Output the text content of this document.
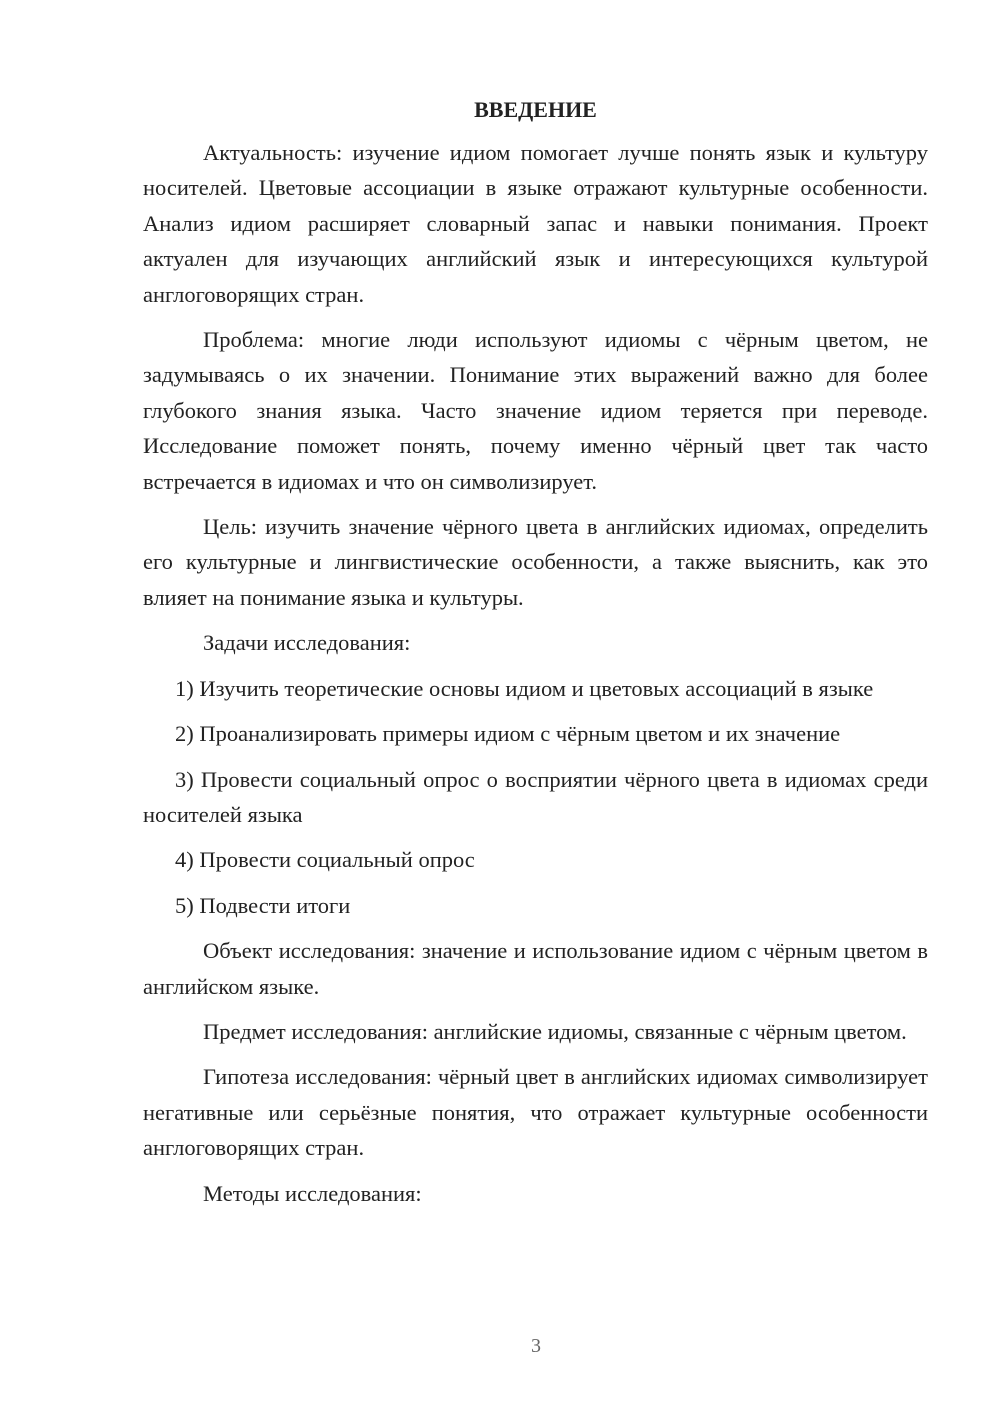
ВВЕДЕНИЕ

Актуальность: изучение идиом помогает лучше понять язык и культуру носителей. Цветовые ассоциации в языке отражают культурные особенности. Анализ идиом расширяет словарный запас и навыки понимания. Проект актуален для изучающих английский язык и интересующихся культурой англоговорящих стран.

Проблема: многие люди используют идиомы с чёрным цветом, не задумываясь о их значении. Понимание этих выражений важно для более глубокого знания языка. Часто значение идиом теряется при переводе. Исследование поможет понять, почему именно чёрный цвет так часто встречается в идиомах и что он символизирует.

Цель: изучить значение чёрного цвета в английских идиомах, определить его культурные и лингвистические особенности, а также выяснить, как это влияет на понимание языка и культуры.

Задачи исследования:

1) Изучить теоретические основы идиом и цветовых ассоциаций в языке

2) Проанализировать примеры идиом с чёрным цветом и их значение

3) Провести социальный опрос о восприятии чёрного цвета в идиомах среди носителей языка

4) Провести социальный опрос

5) Подвести итоги

Объект исследования: значение и использование идиом с чёрным цветом в английском языке.

Предмет исследования: английские идиомы, связанные с чёрным цветом.

Гипотеза исследования: чёрный цвет в английских идиомах символизирует негативные или серьёзные понятия, что отражает культурные особенности англоговорящих стран.

Методы исследования:

3
